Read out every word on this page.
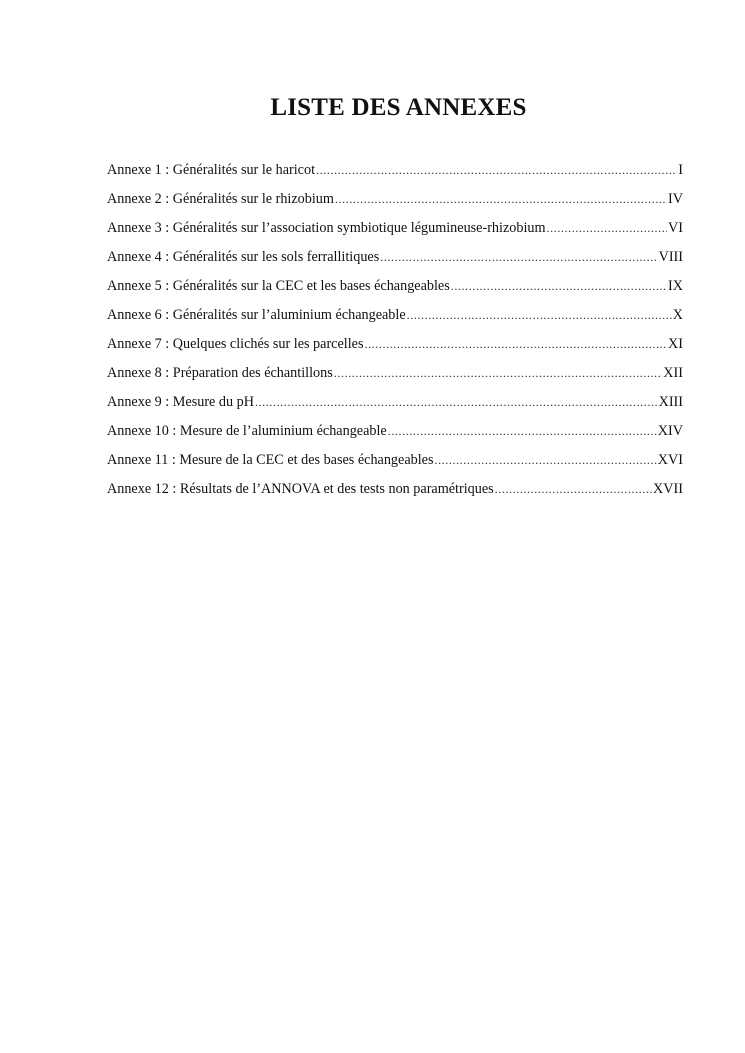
LISTE DES ANNEXES
Annexe 1 : Généralités sur le haricot .....	I
Annexe 2 : Généralités sur le rhizobium .....	IV
Annexe 3 : Généralités sur l’association symbiotique légumineuse-rhizobium .....	VI
Annexe 4 : Généralités sur les sols ferrallitiques .....	VIII
Annexe 5 : Généralités sur la CEC et les bases échangeables .....	IX
Annexe 6 : Généralités sur l’aluminium échangeable .....	X
Annexe 7 : Quelques clichés sur les parcelles .....	XI
Annexe 8 : Préparation des échantillons .....	XII
Annexe 9 : Mesure du pH .....	XIII
Annexe 10 : Mesure de l’aluminium échangeable .....	XIV
Annexe 11 : Mesure de la CEC et des bases échangeables .....	XVI
Annexe 12 : Résultats de l’ANNOVA et des tests non paramétriques .....	XVII
